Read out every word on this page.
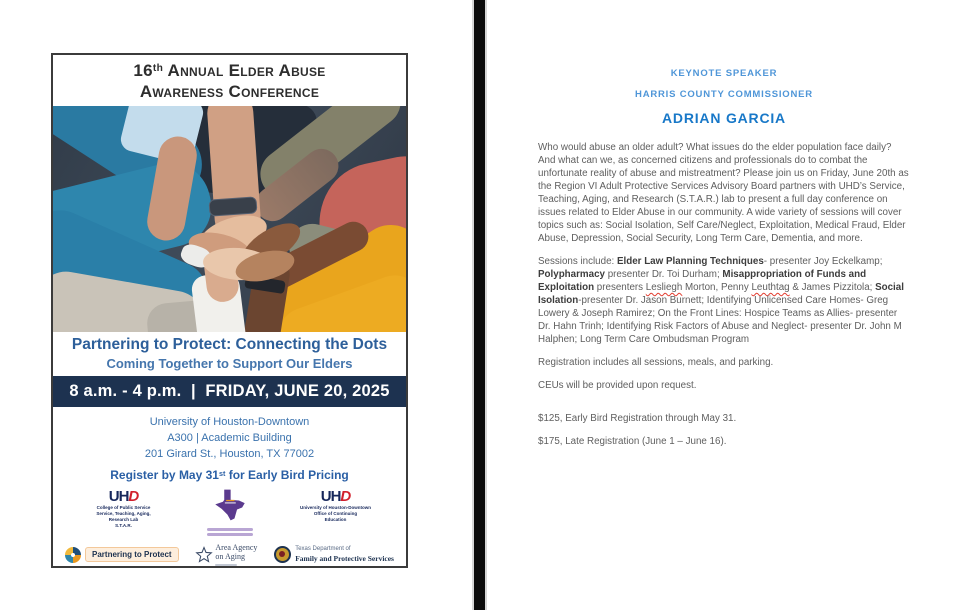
16th Annual Elder Abuse
Awareness Conference
Partnering to Protect: Connecting the Dots
Coming Together to Support Our Elders
8 a.m. - 4 p.m.  |  FRIDAY, JUNE 20, 2025
University of Houston-Downtown
A300 | Academic Building
201 Girard St., Houston, TX 77002
Register by May 31st for Early Bird Pricing
UHD
College of Public Service
Service, Teaching, Aging,
Research Lab
S.T.A.R.
UHD
University of Houston-Downtown
Office of Continuing
Education
Partnering to Protect
Area Agency
on Aging
Texas Department of
Family and Protective Services
KEYNOTE SPEAKER
HARRIS COUNTY COMMISSIONER
ADRIAN GARCIA

Who would abuse an older adult? What issues do the elder population face daily? And what can we, as concerned citizens and professionals do to combat the unfortunate reality of abuse and mistreatment? Please join us on Friday, June 20th as the Region VI Adult Protective Services Advisory Board partners with UHD’s Service, Teaching, Aging, and Research (S.T.A.R.) lab to present a full day conference on issues related to Elder Abuse in our community. A wide variety of sessions will cover topics such as: Social Isolation, Self Care/Neglect, Exploitation, Medical Fraud, Elder Abuse, Depression, Social Security, Long Term Care, Dementia, and more.

Sessions include: Elder Law Planning Techniques- presenter Joy Eckelkamp; Polypharmacy presenter Dr. Toi Durham; Misappropriation of Funds and Exploitation presenters Lesliegh Morton, Penny Leuthtag & James Pizzitola; Social Isolation-presenter Dr. Jason Burnett; Identifying Unlicensed Care Homes- Greg Lowery & Joseph Ramirez; On the Front Lines: Hospice Teams as Allies- presenter Dr. Hahn Trinh; Identifying Risk Factors of Abuse and Neglect- presenter Dr. John M Halphen; Long Term Care Ombudsman Program

Registration includes all sessions, meals, and parking.

CEUs will be provided upon request.

$125, Early Bird Registration through May 31.

$175, Late Registration (June 1 – June 16).
